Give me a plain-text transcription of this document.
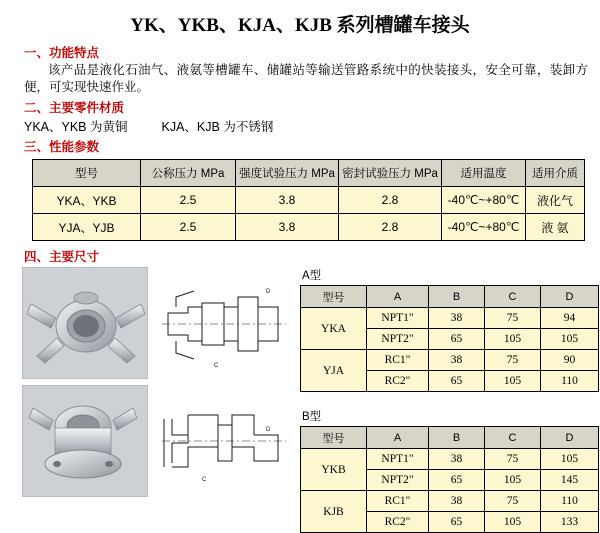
YK、YKB、KJA、KJB 系列槽罐车接头
一、功能特点
该产品是液化石油气、液氨等槽罐车、储罐站等输送管路系统中的快装接头，安全可靠，装卸方便，可实现快速作业。
二、主要零件材质
YKA、YKB 为黄铜	KJA、KJB 为不锈钢
三、性能参数
型号	公称压力 MPa	强度试验压力 MPa	密封试验压力 MPa	适用温度	适用介质
YKA、YKB	2.5	3.8	2.8	-40℃~+80℃	液化气
YJA、YJB	2.5	3.8	2.8	-40℃~+80℃	液 氨
四、主要尺寸
D
C
D
C
A型
型号	A	B	C	D
YKA	NPT1"	38	75	94
	NPT2"	65	105	105
YJA	RC1"	38	75	90
	RC2"	65	105	110
B型
型号	A	B	C	D
YKB	NPT1"	38	75	105
	NPT2"	65	105	145
KJB	RC1"	38	75	110
	RC2"	65	105	133
